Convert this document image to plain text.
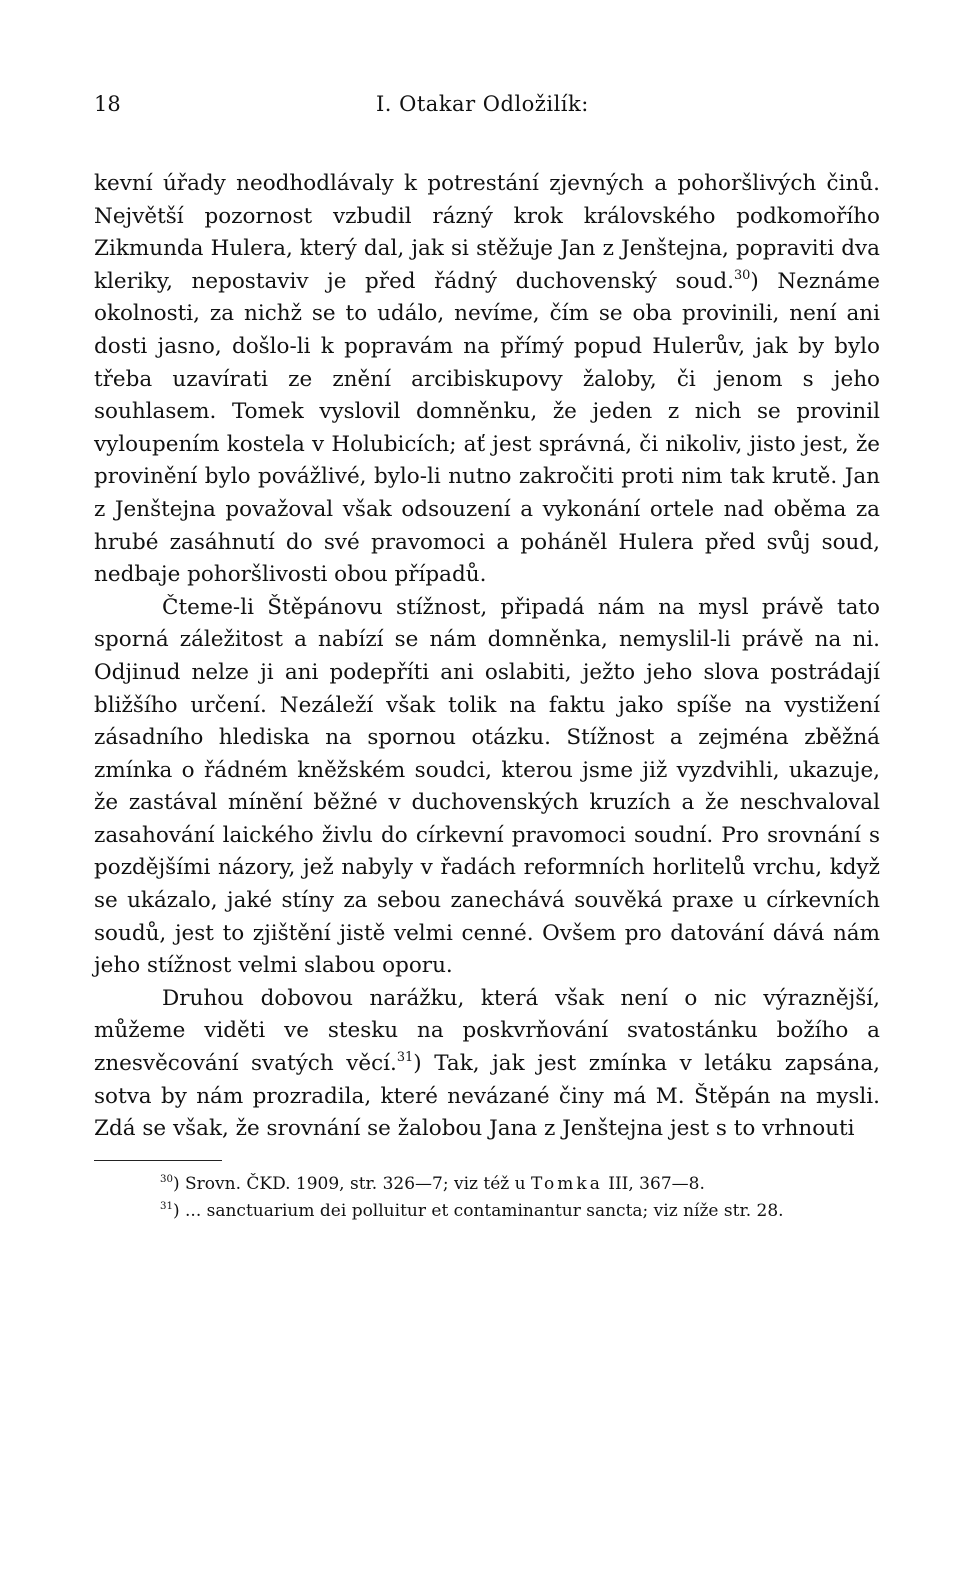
18	I. Otakar Odložilík:

kevní úřady neodhodlávaly k potrestání zjevných a pohoršlivých činů. Největší pozornost vzbudil rázný krok královského podkomořího Zikmunda Hulera, který dal, jak si stěžuje Jan z Jenštejna, popraviti dva kleriky, nepostaviv je před řádný duchovenský soud.$^{30}$) Neznáme okolnosti, za nichž se to událo, nevíme, čím se oba provinili, není ani dosti jasno, došlo-li k popravám na přímý popud Hulerův, jak by bylo třeba uzavírati ze znění arcibiskupovy žaloby, či jenom s jeho souhlasem. Tomek vyslovil domněnku, že jeden z nich se provinil vyloupením kostela v Holubicích; ať jest správná, či nikoliv, jisto jest, že provinění bylo povážlivé, bylo-li nutno zakročiti proti nim tak krutě. Jan z Jenštejna považoval však odsouzení a vykonání ortele nad oběma za hrubé zasáhnutí do své pravomoci a poháněl Hulera před svůj soud, nedbaje pohoršlivosti obou případů.

Čteme-li Štěpánovu stížnost, připadá nám na mysl právě tato sporná záležitost a nabízí se nám domněnka, nemyslil-li právě na ni. Odjinud nelze ji ani podepříti ani oslabiti, ježto jeho slova postrádají bližšího určení. Nezáleží však tolik na faktu jako spíše na vystižení zásadního hlediska na spornou otázku. Stížnost a zejména zběžná zmínka o řádném kněžském soudci, kterou jsme již vyzdvihli, ukazuje, že zastával mínění běžné v duchovenských kruzích a že neschvaloval zasahování laického živlu do církevní pravomoci soudní. Pro srovnání s pozdějšími názory, jež nabyly v řadách reformních horlitelů vrchu, když se ukázalo, jaké stíny za sebou zanechává souvěká praxe u církevních soudů, jest to zjištění jistě velmi cenné. Ovšem pro datování dává nám jeho stížnost velmi slabou oporu.

Druhou dobovou narážku, která však není o nic výraznější, můžeme viděti ve stesku na poskvrňování svatostánku božího a znesvěcování svatých věcí.$^{31}$) Tak, jak jest zmínka v letáku zapsána, sotva by nám prozradila, které nevázané činy má M. Štěpán na mysli. Zdá se však, že srovnání se žalobou Jana z Jenštejna jest s to vrhnouti

$^{30}$) Srovn. ČKD. 1909, str. 326—7; viz též u Tomka III, 367—8.

$^{31}$) ... sanctuarium dei polluitur et contaminantur sancta; viz níže str. 28.
